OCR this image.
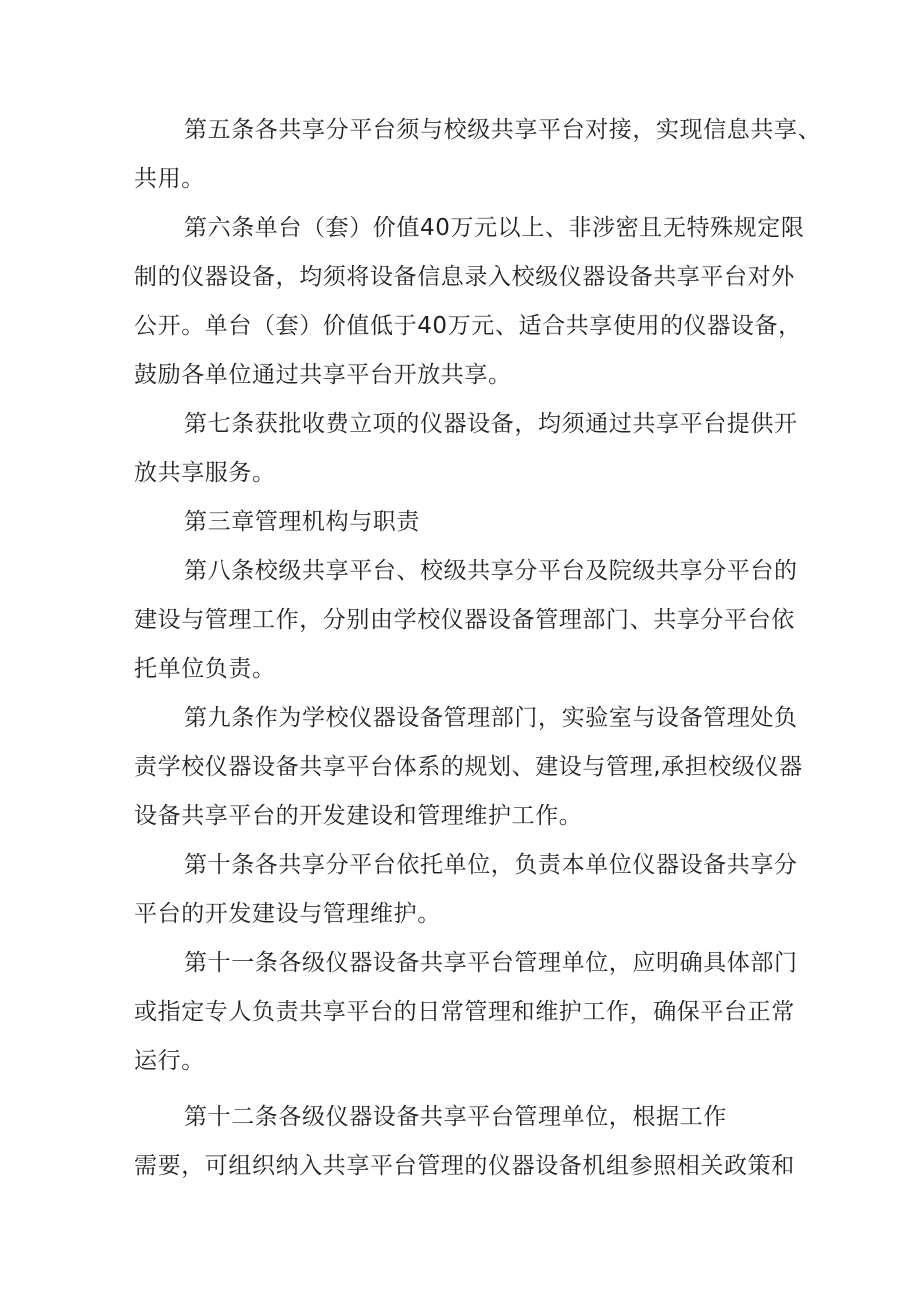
第五条各共享分平台须与校级共享平台对接，实现信息共享、

共用。

第六条单台（套）价值40万元以上、非涉密且无特殊规定限

制的仪器设备，均须将设备信息录入校级仪器设备共享平台对外

公开。单台（套）价值低于40万元、适合共享使用的仪器设备，

鼓励各单位通过共享平台开放共享。

第七条获批收费立项的仪器设备，均须通过共享平台提供开

放共享服务。

第三章管理机构与职责

第八条校级共享平台、校级共享分平台及院级共享分平台的

建设与管理工作，分别由学校仪器设备管理部门、共享分平台依

托单位负责。

第九条作为学校仪器设备管理部门，实验室与设备管理处负

责学校仪器设备共享平台体系的规划、建设与管理,承担校级仪器

设备共享平台的开发建设和管理维护工作。

第十条各共享分平台依托单位，负责本单位仪器设备共享分

平台的开发建设与管理维护。

第十一条各级仪器设备共享平台管理单位，应明确具体部门

或指定专人负责共享平台的日常管理和维护工作，确保平台正常

运行。

第十二条各级仪器设备共享平台管理单位，根据工作

需要，可组织纳入共享平台管理的仪器设备机组参照相关政策和
